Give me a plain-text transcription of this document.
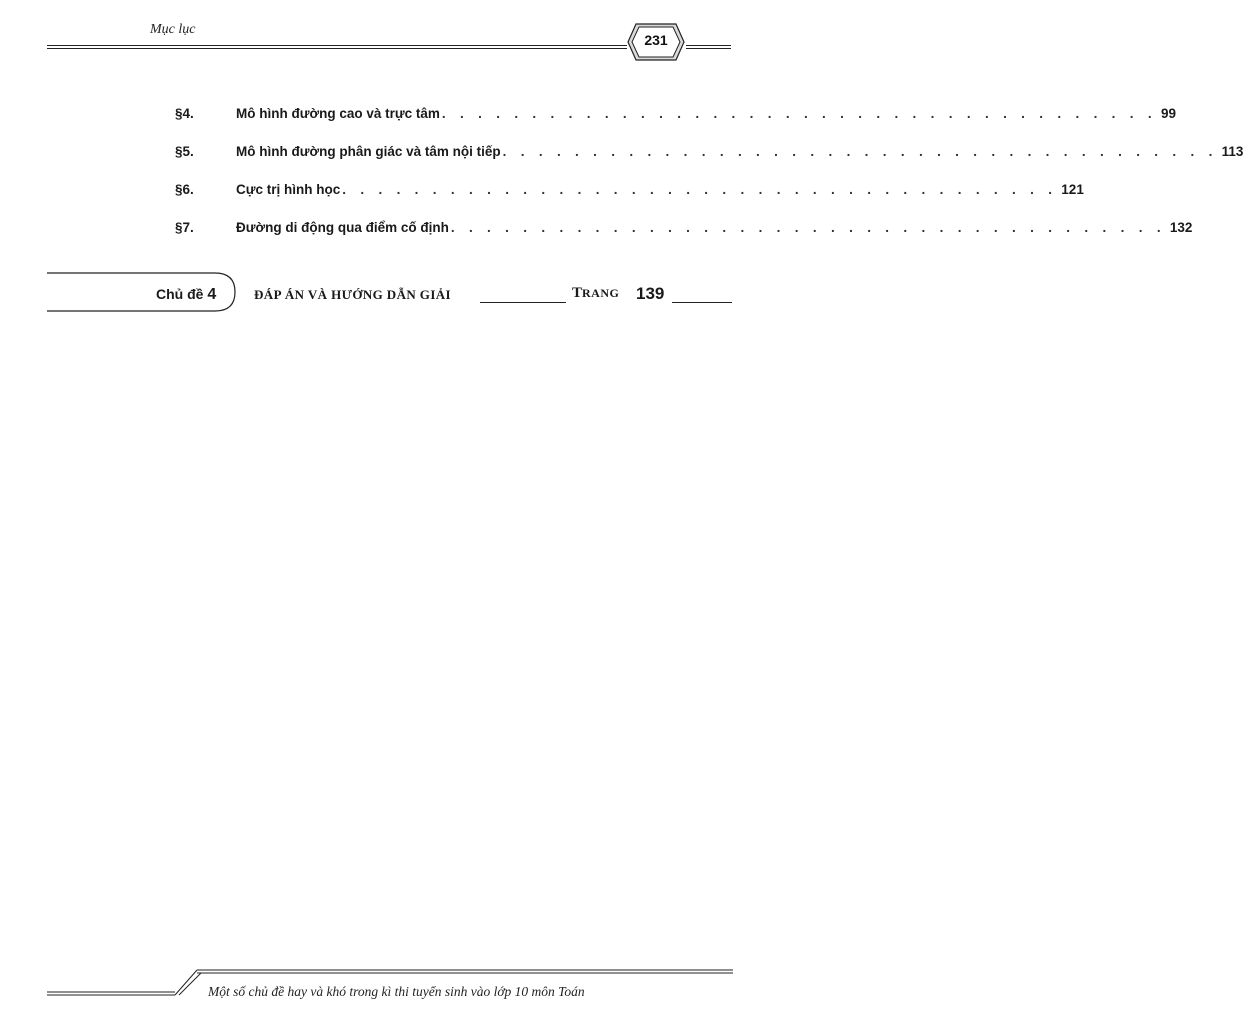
Mục lục
231
§4.	Mô hình đường cao và trực tâm . . . . . . . . . . . . . . . . . . . . . . . . . . . . . . . . . . . . . . . . 99
§5.	Mô hình đường phân giác và tâm nội tiếp . . . . . . . . . . . . . . . . . . . . . . . . . . . . . . . . . . . . . . . . 113
§6.	Cực trị hình học . . . . . . . . . . . . . . . . . . . . . . . . . . . . . . . . . . . . . . . . 121
§7.	Đường di động qua điểm cố định . . . . . . . . . . . . . . . . . . . . . . . . . . . . . . . . . . . . . . . . 132
Chủ đề 4	ĐÁP ÁN VÀ HƯỚNG DẪN GIẢI	TRANG 139
Một số chủ đề hay và khó trong kì thi tuyển sinh vào lớp 10 môn Toán
